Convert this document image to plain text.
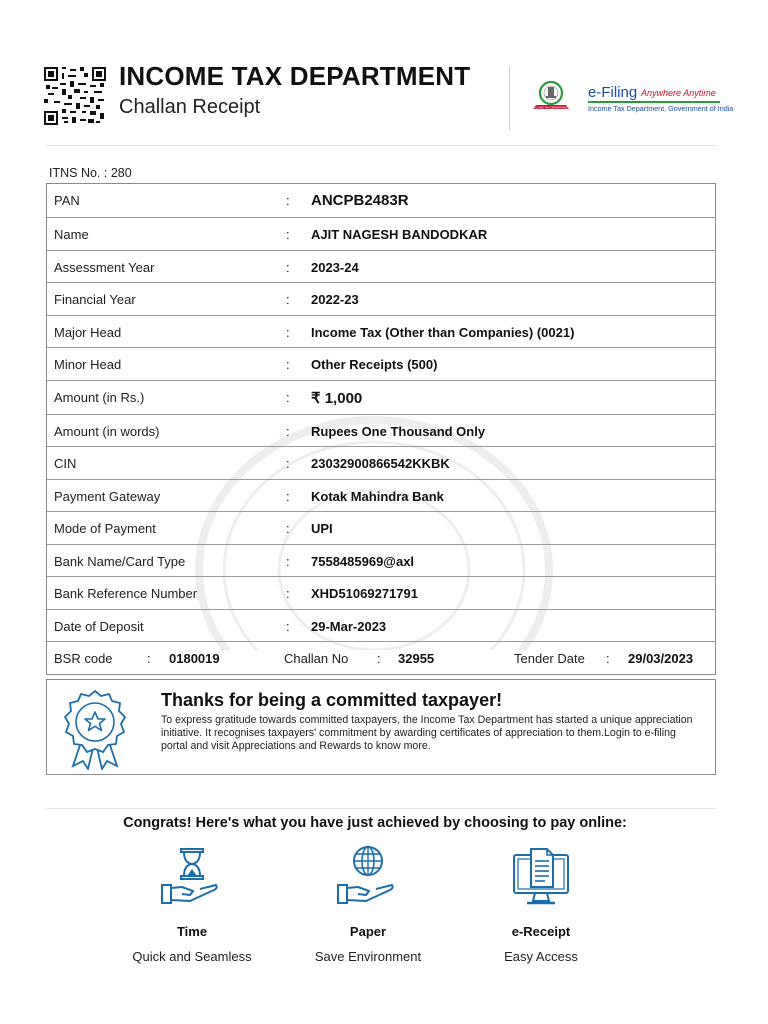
INCOME TAX DEPARTMENT
Challan Receipt	INCOME TAX DEPARTMENT
e-Filing Anywhere Anytime
Income Tax Department, Government of India
ITNS No. : 280
PAN	: ANCPB2483R
Name	: AJIT NAGESH BANDODKAR
Assessment Year	: 2023-24
Financial Year	: 2022-23
Major Head	: Income Tax (Other than Companies) (0021)
Minor Head	: Other Receipts (500)
Amount (in Rs.)	: ₹ 1,000
Amount (in words)	: Rupees One Thousand Only
CIN	: 23032900866542KKBK
Payment Gateway	: Kotak Mahindra Bank
Mode of Payment	: UPI
Bank Name/Card Type	: 7558485969@axl
Bank Reference Number	: XHD51069271791
Date of Deposit	: 29-Mar-2023
BSR code	: 0180019	Challan No : 32955	Tender Date : 29/03/2023
Thanks for being a committed taxpayer!
To express gratitude towards committed taxpayers, the Income Tax Department has started a unique appreciation initiative. It recognises taxpayers' commitment by awarding certificates of appreciation to them.Login to e-filing portal and visit Appreciations and Rewards to know more.
Congrats! Here's what you have just achieved by choosing to pay online:
Time
Quick and Seamless
Paper
Save Environment
e-Receipt
Easy Access
